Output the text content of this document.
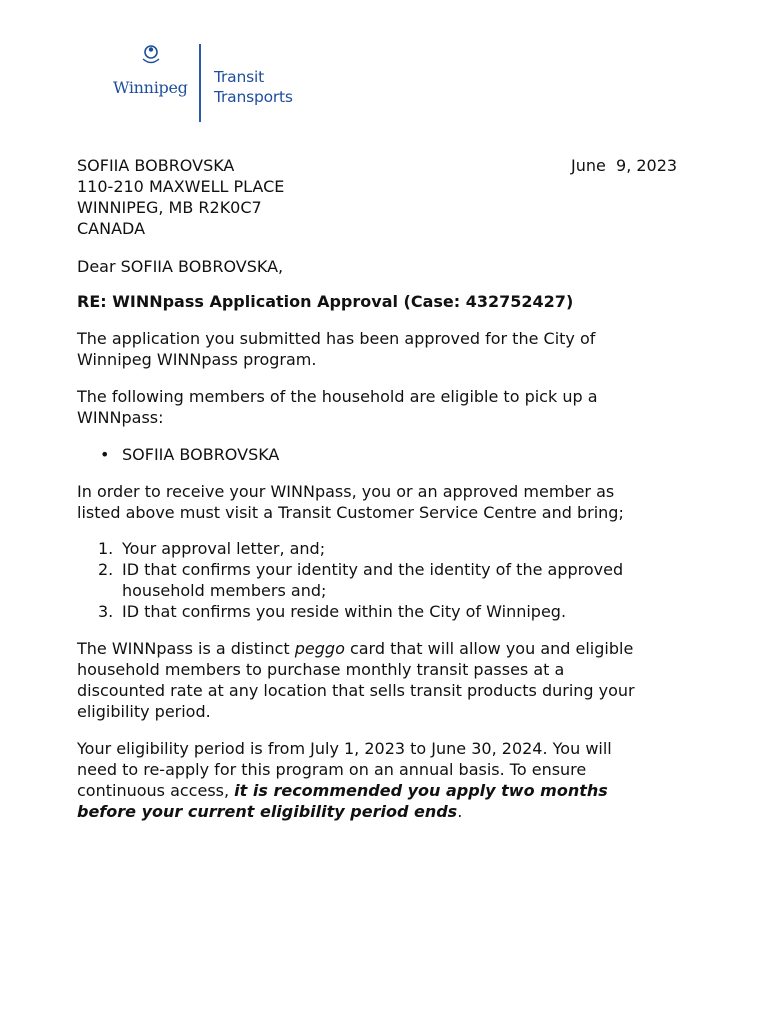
Winnipeg
Transit
Transports
SOFIIA BOBROVSKA
110-210 MAXWELL PLACE
WINNIPEG, MB R2K0C7
CANADA
June  9, 2023
Dear SOFIIA BOBROVSKA,
RE: WINNpass Application Approval (Case: 432752427)
The application you submitted has been approved for the City of
Winnipeg WINNpass program.
The following members of the household are eligible to pick up a
WINNpass:
• SOFIIA BOBROVSKA
In order to receive your WINNpass, you or an approved member as
listed above must visit a Transit Customer Service Centre and bring;
1. Your approval letter, and;
2. ID that confirms your identity and the identity of the approved
household members and;
3. ID that confirms you reside within the City of Winnipeg.
The WINNpass is a distinct peggo card that will allow you and eligible
household members to purchase monthly transit passes at a
discounted rate at any location that sells transit products during your
eligibility period.
Your eligibility period is from July 1, 2023 to June 30, 2024. You will
need to re-apply for this program on an annual basis. To ensure
continuous access, it is recommended you apply two months
before your current eligibility period ends.
